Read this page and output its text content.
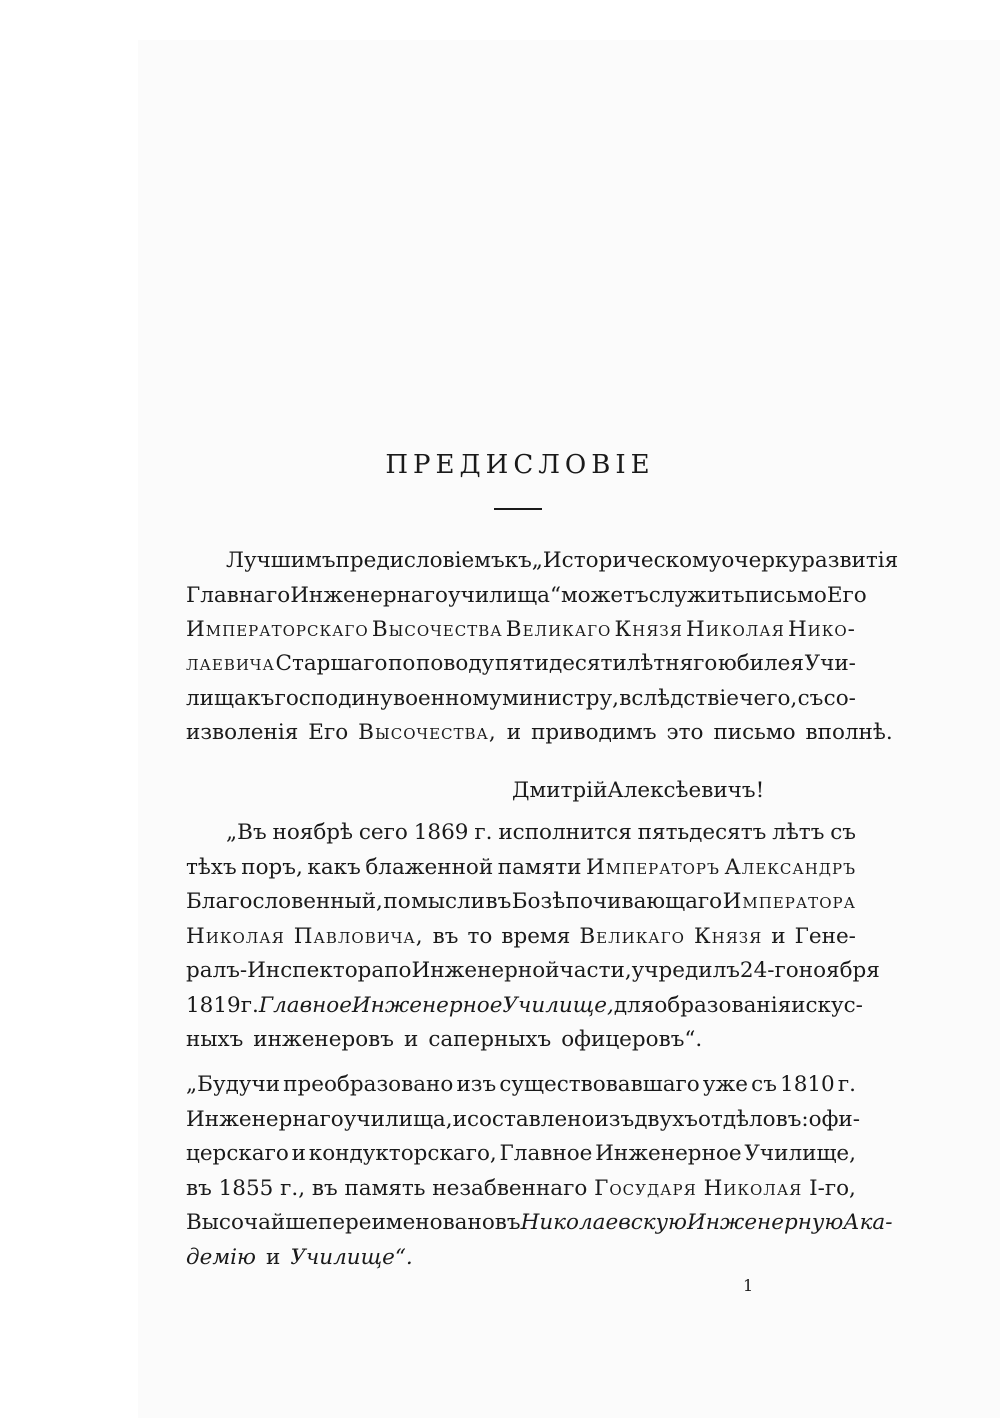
ПРЕДИСЛОВІЕ
Лучшимъ предисловіемъ къ „Историческому очерку развитія
Главнаго Инженернаго училища“ можетъ служить письмо Его
Императорскаго Высочества Великаго Князя Николая Нико-
лаевича Старшаго по поводу пятидесятилѣтняго юбилея Учи-
лища къ господину военному министру, вслѣдствіе чего, съ со-
изволенія Его Высочества, и приводимъ это письмо вполнѣ.
Дмитрій Алексѣевичъ!
„Въ ноябрѣ сего 1869 г. исполнится пятьдесятъ лѣтъ съ
тѣхъ поръ, какъ блаженной памяти Императоръ Александръ
Благословенный, по мысли въ Бозѣ почивающаго Императора
Николая Павловича, въ то время Великаго Князя и Гене-
ралъ-Инспектора по Инженерной части, учредилъ 24-го ноября
1819 г. Главное Инженерное Училище, для образованія искус-
ныхъ инженеровъ и саперныхъ офицеровъ“.
„Будучи преобразовано изъ существовавшаго уже съ 1810 г.
Инженернаго училища, и составлено изъ двухъ отдѣловъ: офи-
церскаго и кондукторскаго, Главное Инженерное Училище,
въ 1855 г., въ память незабвеннаго Государя Николая I-го,
Высочайше переименовано въ Николаевскую Инженерную Ака-
демію и Училище“.
1
